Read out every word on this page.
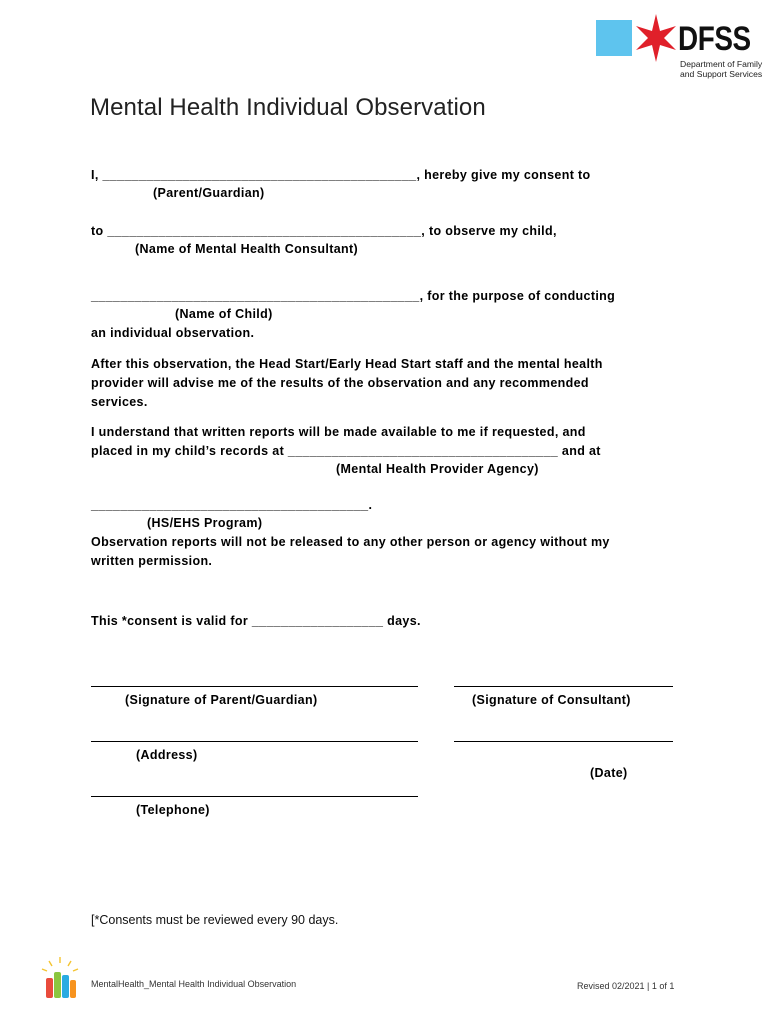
DFSS
Department of Family
and Support Services
Mental Health Individual Observation
I, ___________________________________________, hereby give my consent to
(Parent/Guardian)
to ___________________________________________, to observe my child,
(Name of Mental Health Consultant)
_____________________________________________, for the purpose of conducting
(Name of Child)
an individual observation.
After this observation, the Head Start/Early Head Start staff and the mental health
provider will advise me of the results of the observation and any recommended
services.
I understand that written reports will be made available to me if requested, and
placed in my child’s records at _____________________________________ and at
(Mental Health Provider Agency)
______________________________________.
(HS/EHS Program)
Observation reports will not be released to any other person or agency without my
written permission.
This *consent is valid for __________________ days.
(Signature of Parent/Guardian)	(Signature of Consultant)
(Address)
(Date)
(Telephone)
[*Consents must be reviewed every 90 days.
MentalHealth_Mental Health Individual Observation	Revised 02/2021 | 1 of 1
